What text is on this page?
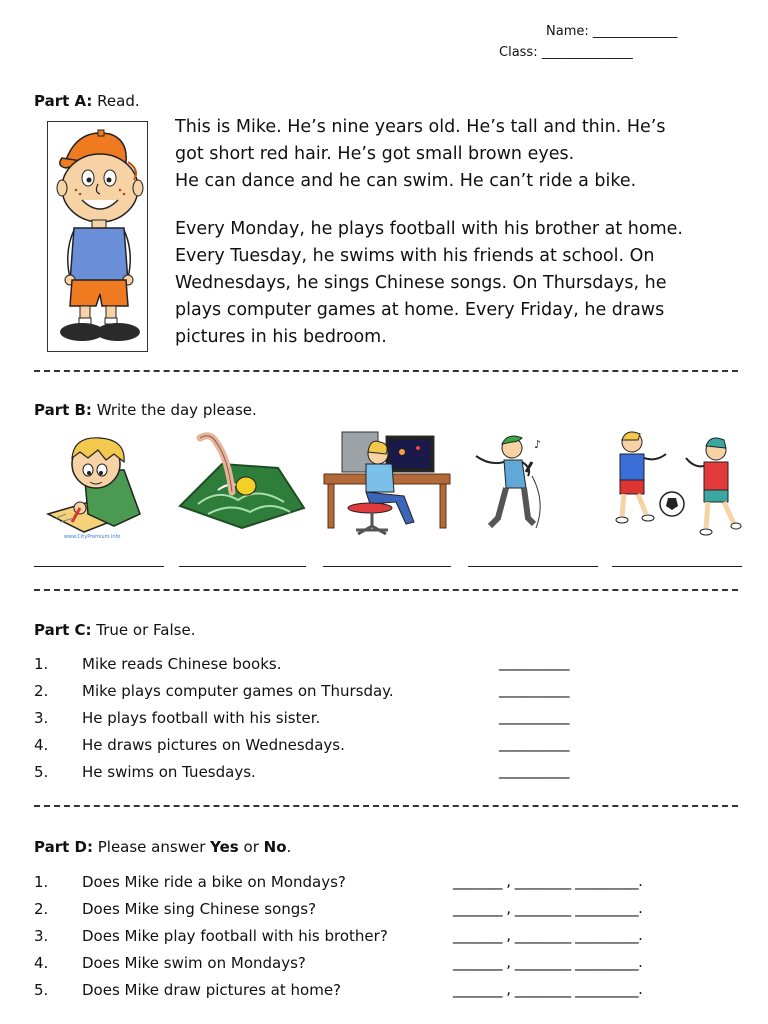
Name: _____________
Class: ______________
Part A: Read.
This is Mike. He’s nine years old. He’s tall and thin. He’s
got short red hair. He’s got small brown eyes.
He can dance and he can swim. He can’t ride a bike.
Every Monday, he plays football with his brother at home.
Every Tuesday, he swims with his friends at school. On
Wednesdays, he sings Chinese songs. On Thursdays, he
plays computer games at home. Every Friday, he draws
pictures in his bedroom.
Part B: Write the day please.
www.CityPremium.info
♪
Part C: True or False.
1. Mike reads Chinese books.	__________
2. Mike plays computer games on Thursday.	__________
3. He plays football with his sister.	__________
4. He draws pictures on Wednesdays.	__________
5. He swims on Tuesdays.	__________
Part D: Please answer Yes or No.
1. Does Mike ride a bike on Mondays?	_______ , ________ _________.
2. Does Mike sing Chinese songs?	_______ , ________ _________.
3. Does Mike play football with his brother?	_______ , ________ _________.
4. Does Mike swim on Mondays?	_______ , ________ _________.
5. Does Mike draw pictures at home?	_______ , ________ _________.
